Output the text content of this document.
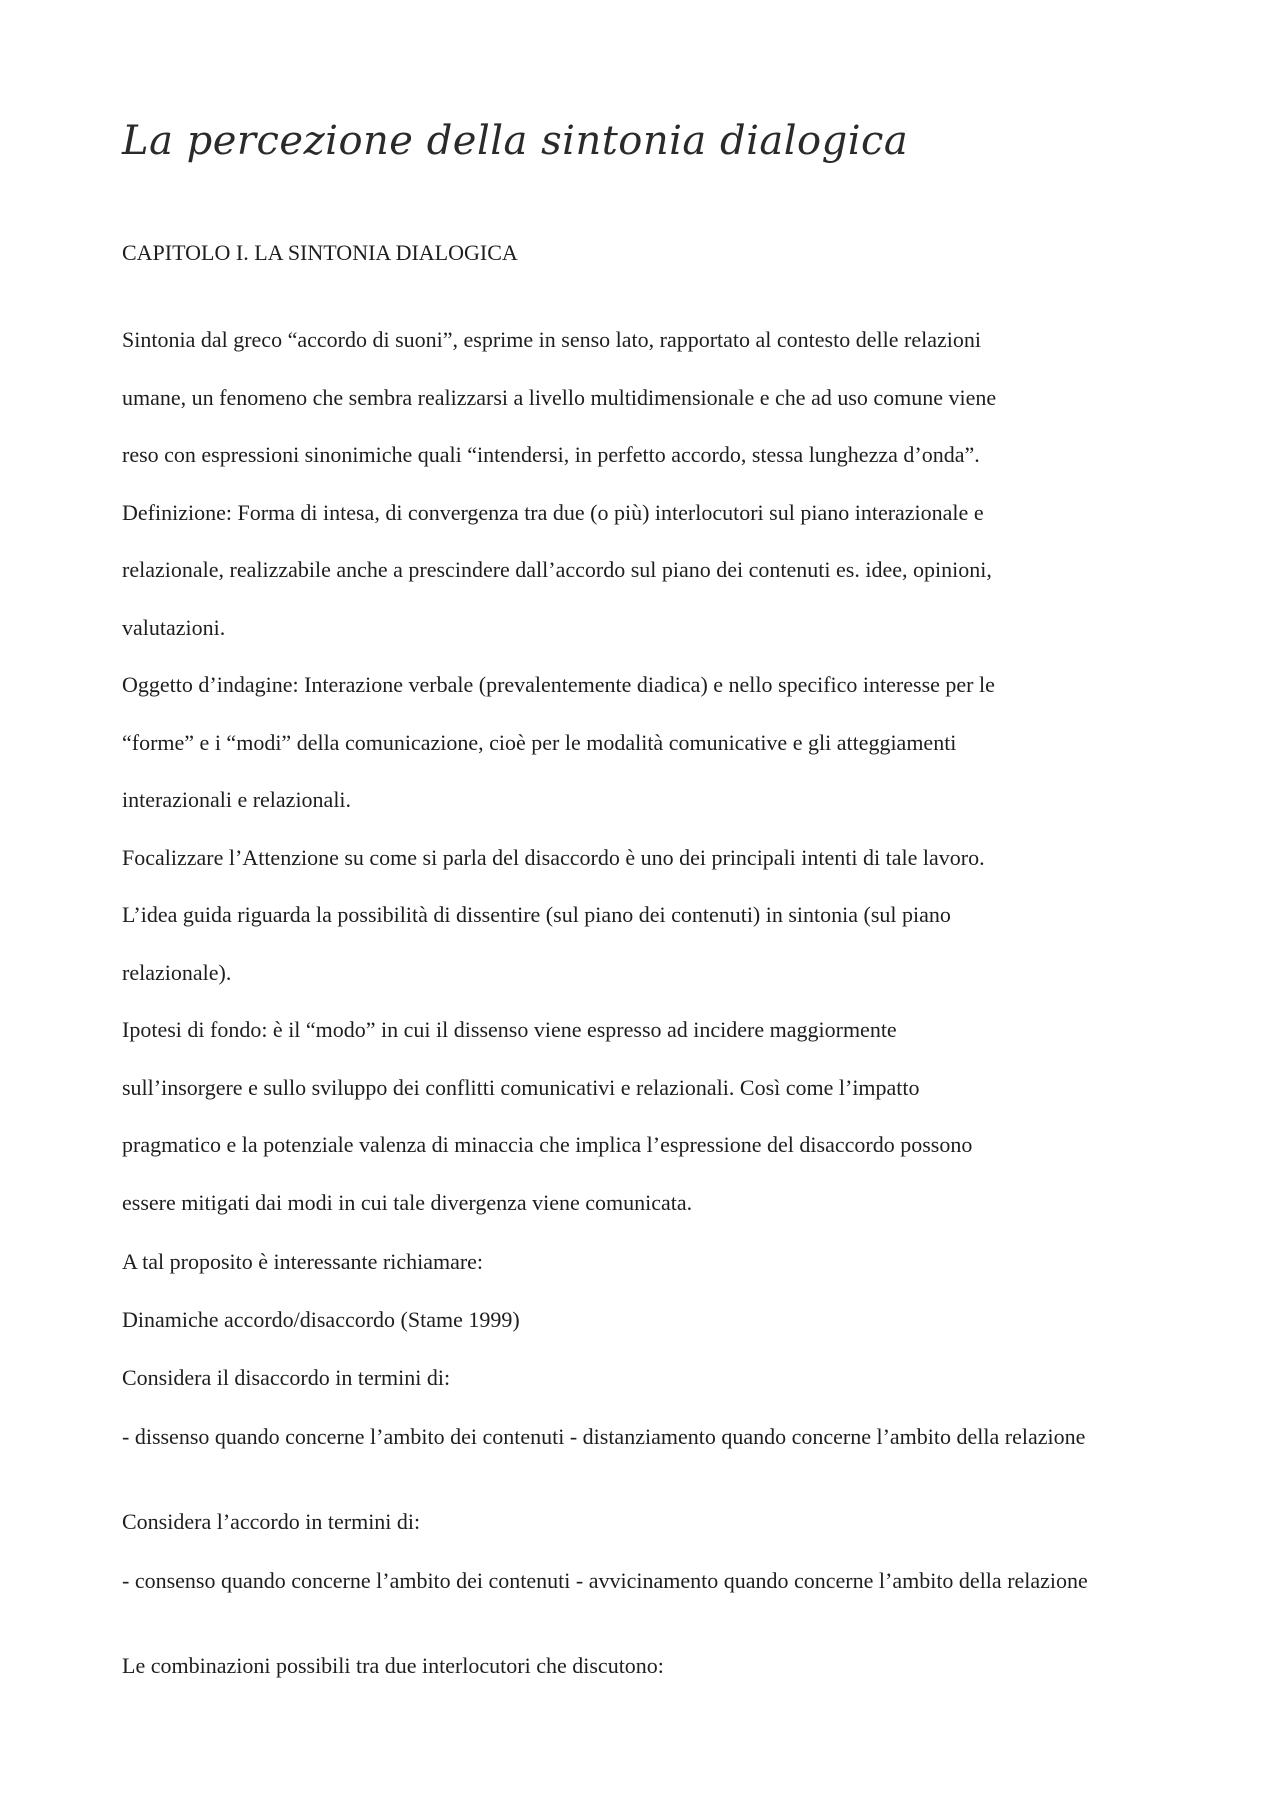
La percezione della sintonia dialogica
CAPITOLO I. LA SINTONIA DIALOGICA
Sintonia dal greco “accordo di suoni”, esprime in senso lato, rapportato al contesto delle relazioni
umane, un fenomeno che sembra realizzarsi a livello multidimensionale e che ad uso comune viene
reso con espressioni sinonimiche quali “intendersi, in perfetto accordo, stessa lunghezza d’onda”.
Definizione: Forma di intesa, di convergenza tra due (o più) interlocutori sul piano interazionale e
relazionale, realizzabile anche a prescindere dall’accordo sul piano dei contenuti es. idee, opinioni,
valutazioni.
Oggetto d’indagine: Interazione verbale (prevalentemente diadica) e nello specifico interesse per le
“forme” e i “modi” della comunicazione, cioè per le modalità comunicative e gli atteggiamenti
interazionali e relazionali.
Focalizzare l’Attenzione su come si parla del disaccordo è uno dei principali intenti di tale lavoro.
L’idea guida riguarda la possibilità di dissentire (sul piano dei contenuti) in sintonia (sul piano
relazionale).
Ipotesi di fondo: è il “modo” in cui il dissenso viene espresso ad incidere maggiormente
sull’insorgere e sullo sviluppo dei conflitti comunicativi e relazionali. Così come l’impatto
pragmatico e la potenziale valenza di minaccia che implica l’espressione del disaccordo possono
essere mitigati dai modi in cui tale divergenza viene comunicata.
A tal proposito è interessante richiamare:
Dinamiche accordo/disaccordo (Stame 1999)
Considera il disaccordo in termini di:
- dissenso quando concerne l’ambito dei contenuti - distanziamento quando concerne l’ambito della relazione
Considera l’accordo in termini di:
- consenso quando concerne l’ambito dei contenuti - avvicinamento quando concerne l’ambito della relazione
Le combinazioni possibili tra due interlocutori che discutono:
